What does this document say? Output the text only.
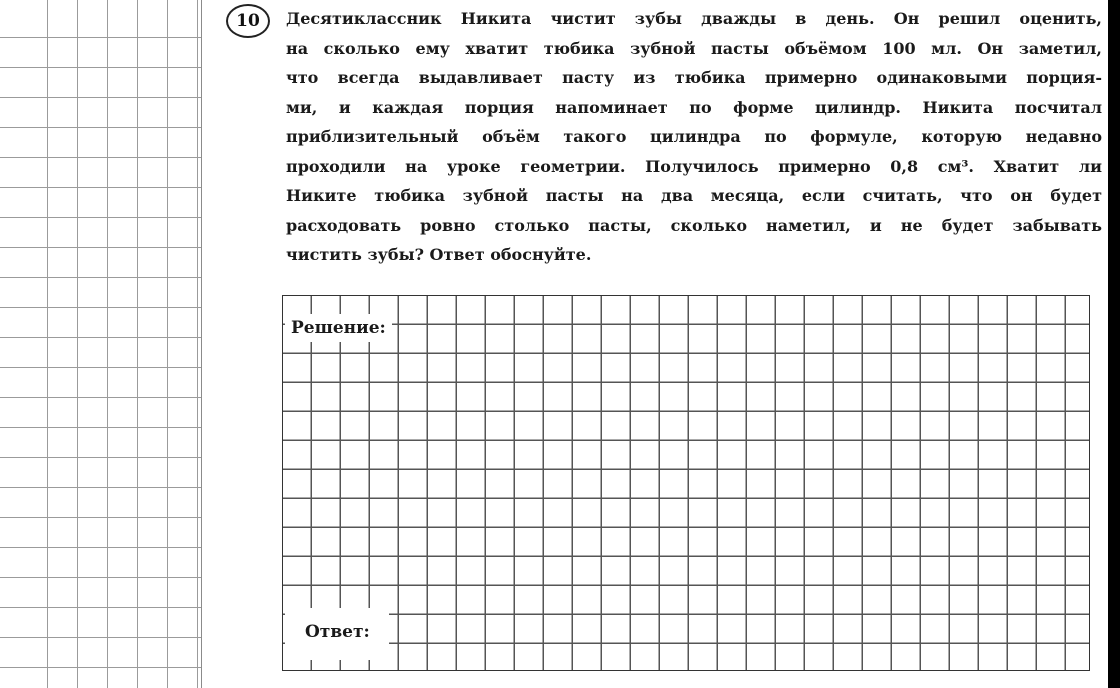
10 Десятиклассник Никита чистит зубы дважды в день. Он решил оценить,
на сколько ему хватит тюбика зубной пасты объёмом 100 мл. Он заметил,
что всегда выдавливает пасту из тюбика примерно одинаковыми порция-
ми, и каждая порция напоминает по форме цилиндр. Никита посчитал
приблизительный объём такого цилиндра по формуле, которую недавно
проходили на уроке геометрии. Получилось примерно 0,8 см³. Хватит ли
Никите тюбика зубной пасты на два месяца, если считать, что он будет
расходовать ровно столько пасты, сколько наметил, и не будет забывать
чистить зубы? Ответ обоснуйте.

Решение:
Ответ:
